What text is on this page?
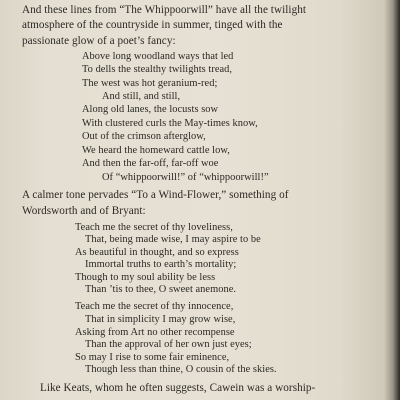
And these lines from “The Whippoorwill” have all the twilight
atmosphere of the countryside in summer, tinged with the
passionate glow of a poet’s fancy:
Above long woodland ways that led
To dells the stealthy twilights tread,
The west was hot geranium-red;
And still, and still,
Along old lanes, the locusts sow
With clustered curls the May-times know,
Out of the crimson afterglow,
We heard the homeward cattle low,
And then the far-off, far-off woe
Of “whippoorwill!” of “whippoorwill!”
A calmer tone pervades “To a Wind-Flower,” something of
Wordsworth and of Bryant:
Teach me the secret of thy loveliness,
That, being made wise, I may aspire to be
As beautiful in thought, and so express
Immortal truths to earth’s mortality;
Though to my soul ability be less
Than ’tis to thee, O sweet anemone.
Teach me the secret of thy innocence,
That in simplicity I may grow wise,
Asking from Art no other recompense
Than the approval of her own just eyes;
So may I rise to some fair eminence,
Though less than thine, O cousin of the skies.
Like Keats, whom he often suggests, Cawein was a worship-
